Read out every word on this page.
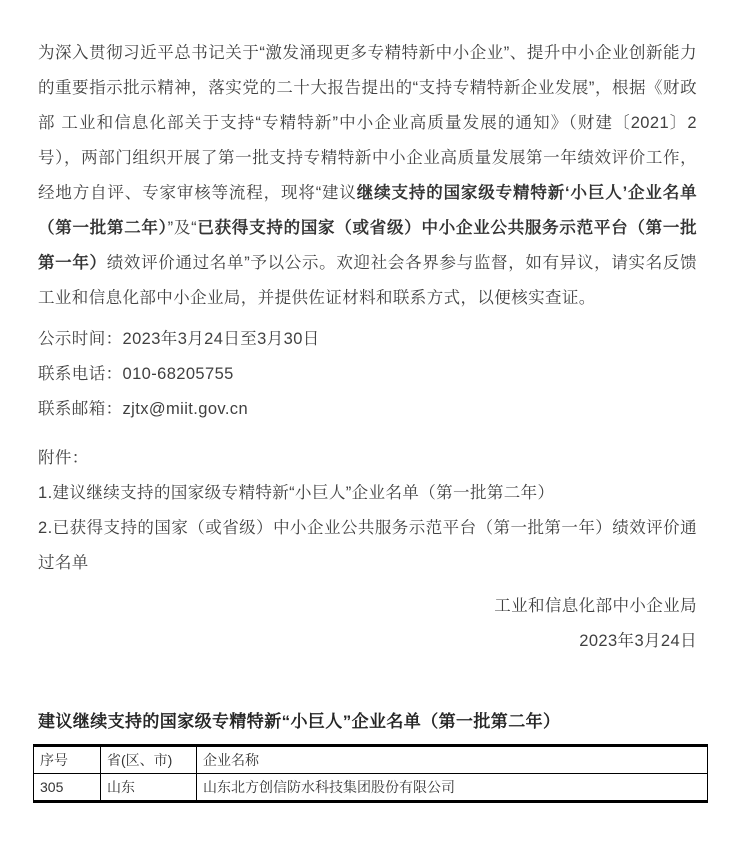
为深入贯彻习近平总书记关于“激发涌现更多专精特新中小企业”、提升中小企业创新能力的重要指示批示精神，落实党的二十大报告提出的“支持专精特新企业发展”，根据《财政部 工业和信息化部关于支持“专精特新”中小企业高质量发展的通知》（财建〔2021〕2号），两部门组织开展了第一批支持专精特新中小企业高质量发展第一年绩效评价工作，经地方自评、专家审核等流程，现将“建议继续支持的国家级专精特新‘小巨人’企业名单（第一批第二年）”及“已获得支持的国家（或省级）中小企业公共服务示范平台（第一批第一年）绩效评价通过名单”予以公示。欢迎社会各界参与监督，如有异议，请实名反馈工业和信息化部中小企业局，并提供佐证材料和联系方式，以便核实查证。

公示时间：2023年3月24日至3月30日
联系电话：010-68205755
联系邮箱：zjtx@miit.gov.cn
附件：
1.建议继续支持的国家级专精特新“小巨人”企业名单（第一批第二年）
2.已获得支持的国家（或省级）中小企业公共服务示范平台（第一批第一年）绩效评价通过名单
工业和信息化部中小企业局
2023年3月24日
建议继续支持的国家级专精特新“小巨人”企业名单（第一批第二年）
序号	省(区、市)	企业名称
305	山东	山东北方创信防水科技集团股份有限公司
